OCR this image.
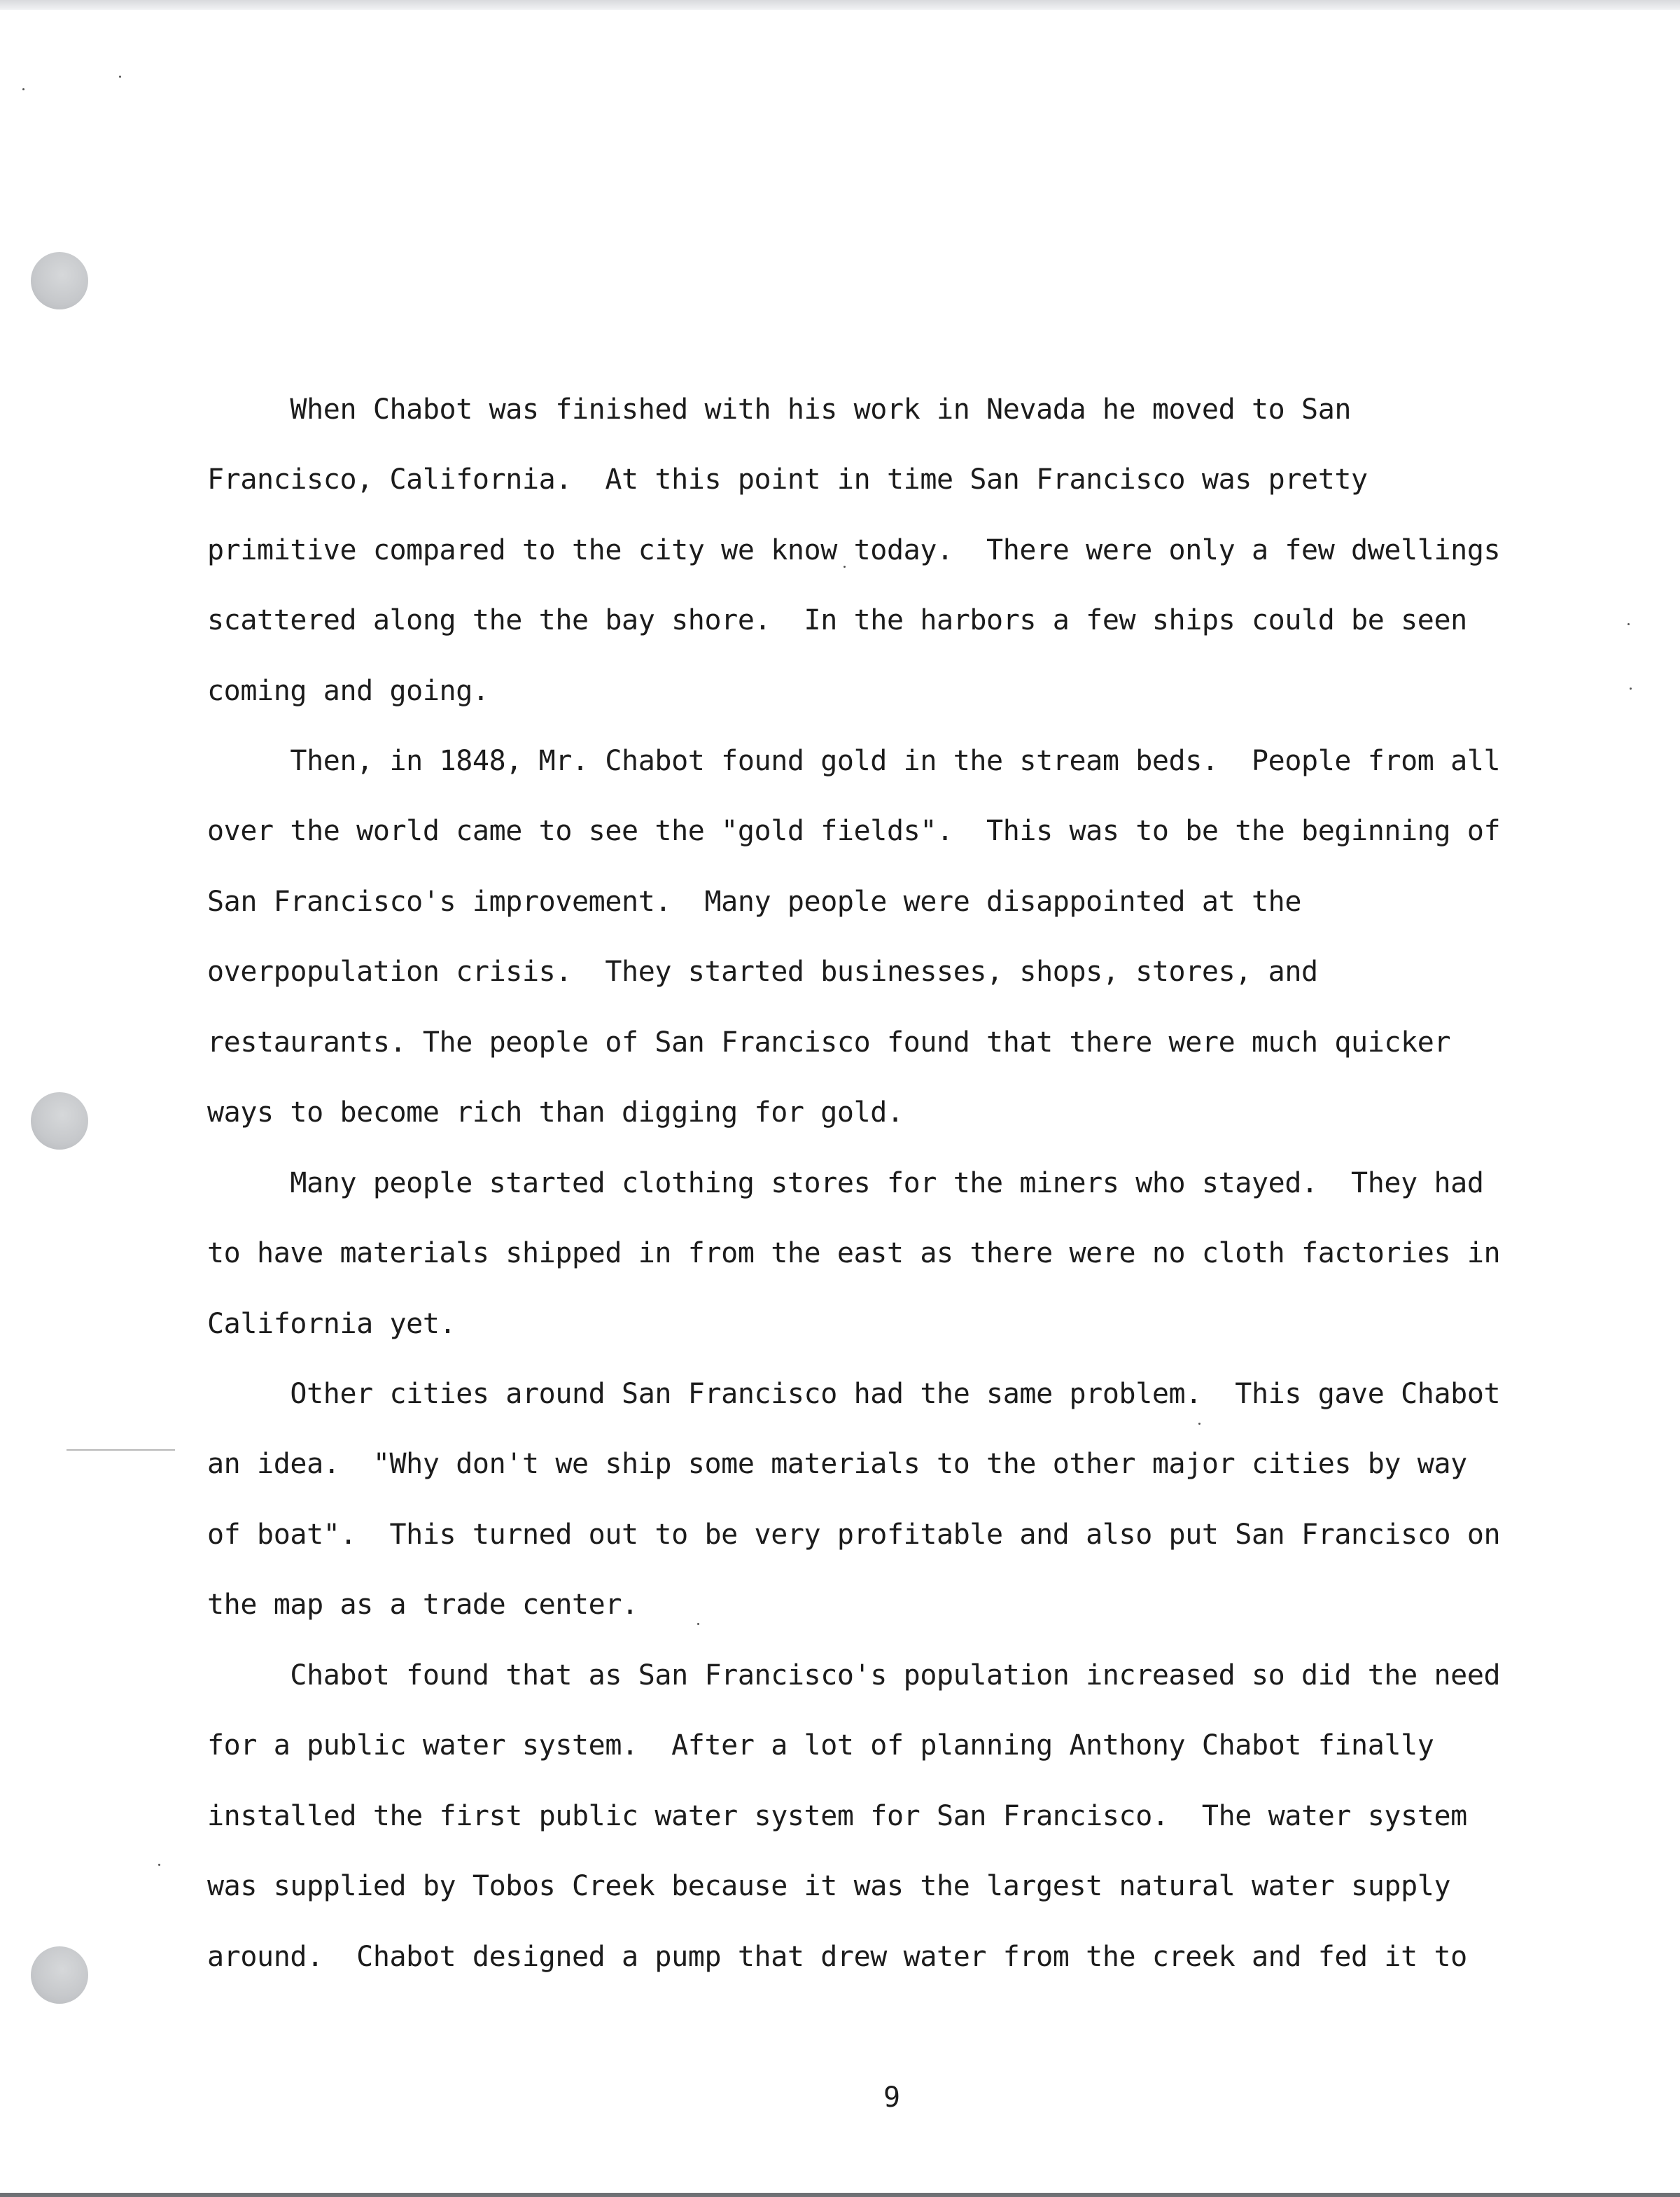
When Chabot was finished with his work in Nevada he moved to San
Francisco, California.  At this point in time San Francisco was pretty
primitive compared to the city we know today.  There were only a few dwellings
scattered along the the bay shore.  In the harbors a few ships could be seen
coming and going.
Then, in 1848, Mr. Chabot found gold in the stream beds.  People from all
over the world came to see the "gold fields".  This was to be the beginning of
San Francisco's improvement.  Many people were disappointed at the
overpopulation crisis.  They started businesses, shops, stores, and
restaurants. The people of San Francisco found that there were much quicker
ways to become rich than digging for gold.
Many people started clothing stores for the miners who stayed.  They had
to have materials shipped in from the east as there were no cloth factories in
California yet.
Other cities around San Francisco had the same problem.  This gave Chabot
an idea.  "Why don't we ship some materials to the other major cities by way
of boat".  This turned out to be very profitable and also put San Francisco on
the map as a trade center.
Chabot found that as San Francisco's population increased so did the need
for a public water system.  After a lot of planning Anthony Chabot finally
installed the first public water system for San Francisco.  The water system
was supplied by Tobos Creek because it was the largest natural water supply
around.  Chabot designed a pump that drew water from the creek and fed it to
9
